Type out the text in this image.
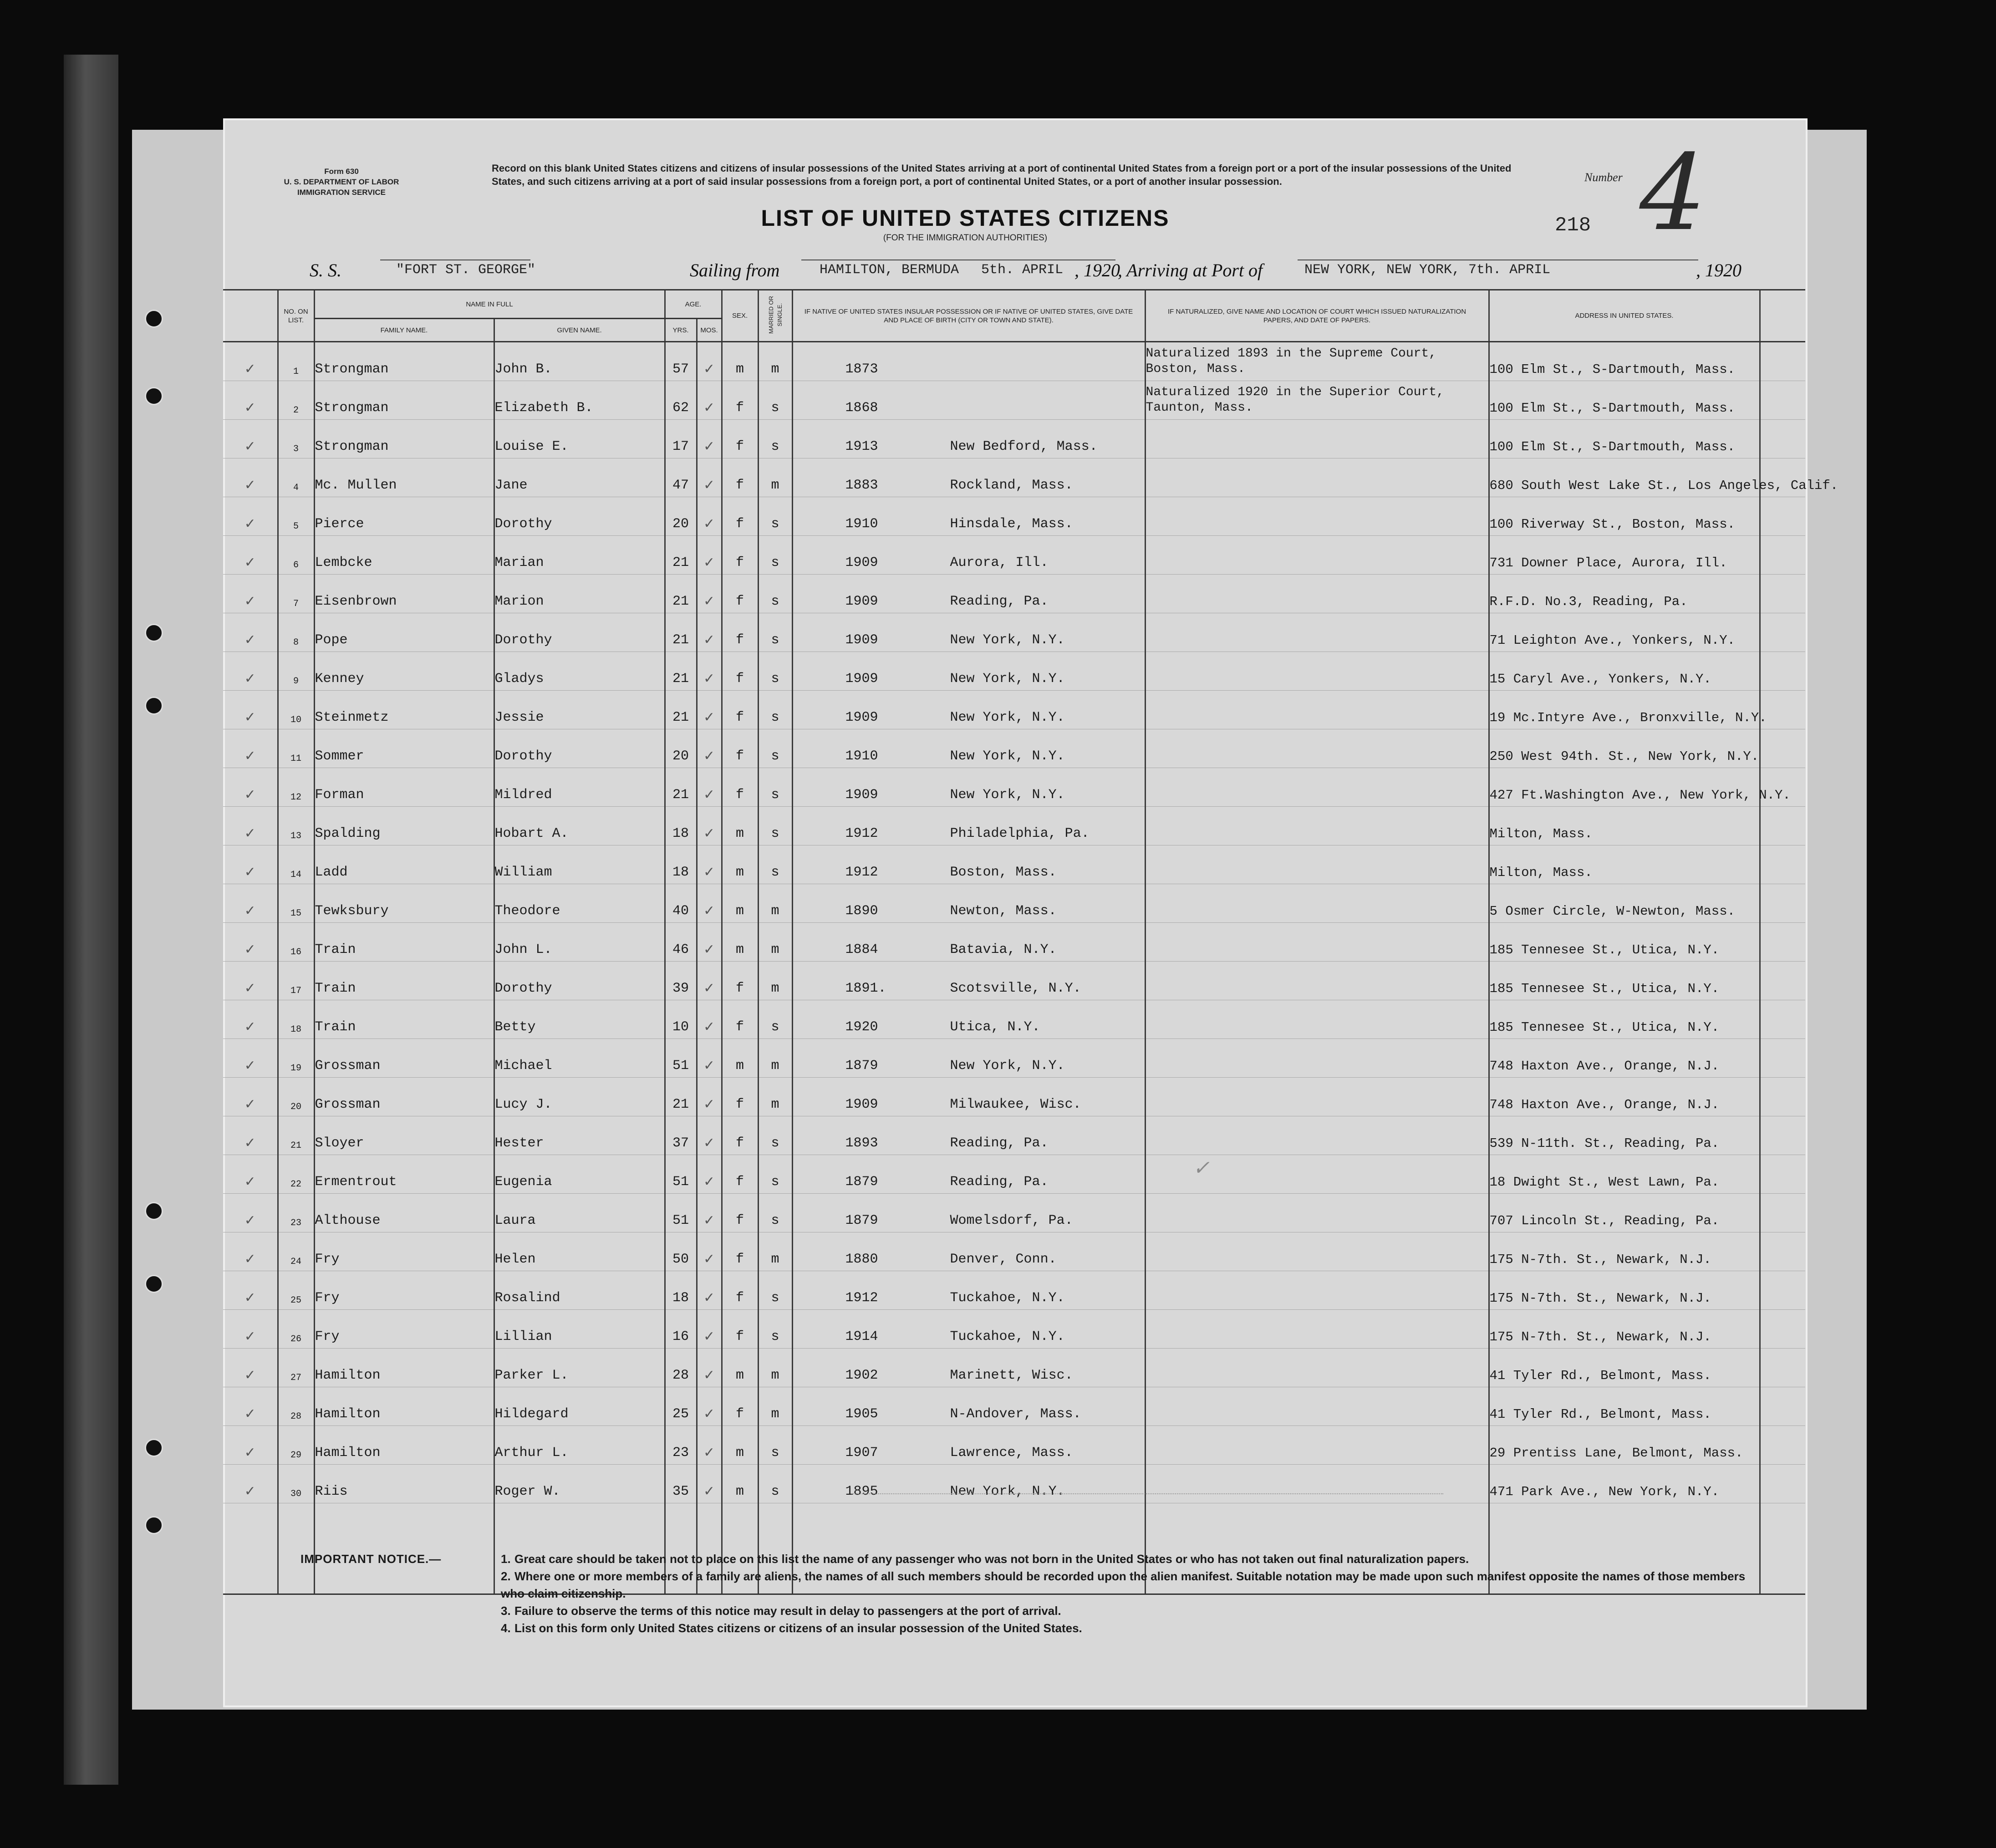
Form 630
U. S. DEPARTMENT OF LABOR
IMMIGRATION SERVICE
Record on this blank United States citizens and citizens of insular possessions of the United States arriving at a port of continental United States from a foreign port or a port of the insular possessions of the United States, and such citizens arriving at a port of said insular possessions from a foreign port, a port of continental United States, or a port of another insular possession.	Number 4
218
LIST OF UNITED STATES CITIZENS
(FOR THE IMMIGRATION AUTHORITIES)
S. S.	"FORT ST. GEORGE"	Sailing from	HAMILTON, BERMUDA 5th. APRIL , 1920
, Arriving at Port of	NEW YORK, NEW YORK, 7th. APRIL	, 1920
	NO. ON LIST.	NAME IN FULL		AGE.		SEX.	MARRIED OR SINGLE.	IF NATIVE OF UNITED STATES INSULAR POSSESSION OR IF NATIVE OF UNITED STATES, GIVE DATE AND PLACE OF BIRTH (CITY OR TOWN AND STATE).	IF NATURALIZED, GIVE NAME AND LOCATION OF COURT WHICH ISSUED NATURALIZATION PAPERS, AND DATE OF PAPERS.	ADDRESS IN UNITED STATES.	
		FAMILY NAME.	GIVEN NAME.	YRS.	MOS.						
✓	1	Strongman	John B.	57	✓	m	m	1873	Naturalized 1893 in the Supreme Court, Boston, Mass.	100 Elm St., S-Dartmouth, Mass.	
✓	2	Strongman	Elizabeth B.	62	✓	f	s	1868	Naturalized 1920 in the Superior Court, Taunton, Mass.	100 Elm St., S-Dartmouth, Mass.	
✓	3	Strongman	Louise E.	17	✓	f	s	1913 New Bedford, Mass.		100 Elm St., S-Dartmouth, Mass.	
✓	4	Mc. Mullen	Jane	47	✓	f	m	1883 Rockland, Mass.		680 South West Lake St., Los Angeles, Calif.	
✓	5	Pierce	Dorothy	20	✓	f	s	1910 Hinsdale, Mass.		100 Riverway St., Boston, Mass.	
✓	6	Lembcke	Marian	21	✓	f	s	1909 Aurora, Ill.		731 Downer Place, Aurora, Ill.	
✓	7	Eisenbrown	Marion	21	✓	f	s	1909 Reading, Pa.		R.F.D. No.3, Reading, Pa.	
✓	8	Pope	Dorothy	21	✓	f	s	1909 New York, N.Y.		71 Leighton Ave., Yonkers, N.Y.	
✓	9	Kenney	Gladys	21	✓	f	s	1909 New York, N.Y.		15 Caryl Ave., Yonkers, N.Y.	
✓	10	Steinmetz	Jessie	21	✓	f	s	1909 New York, N.Y.		19 Mc.Intyre Ave., Bronxville, N.Y.	
✓	11	Sommer	Dorothy	20	✓	f	s	1910 New York, N.Y.		250 West 94th. St., New York, N.Y.	
✓	12	Forman	Mildred	21	✓	f	s	1909 New York, N.Y.		427 Ft.Washington Ave., New York, N.Y.	
✓	13	Spalding	Hobart A.	18	✓	m	s	1912 Philadelphia, Pa.		Milton, Mass.	
✓	14	Ladd	William	18	✓	m	s	1912 Boston, Mass.		Milton, Mass.	
✓	15	Tewksbury	Theodore	40	✓	m	m	1890 Newton, Mass.		5 Osmer Circle, W-Newton, Mass.	
✓	16	Train	John L.	46	✓	m	m	1884 Batavia, N.Y.		185 Tennesee St., Utica, N.Y.	
✓	17	Train	Dorothy	39	✓	f	m	1891. Scotsville, N.Y.		185 Tennesee St., Utica, N.Y.	
✓	18	Train	Betty	10	✓	f	s	1920 Utica, N.Y.		185 Tennesee St., Utica, N.Y.	
✓	19	Grossman	Michael	51	✓	m	m	1879 New York, N.Y.		748 Haxton Ave., Orange, N.J.	
✓	20	Grossman	Lucy J.	21	✓	f	m	1909 Milwaukee, Wisc.		748 Haxton Ave., Orange, N.J.	
✓	21	Sloyer	Hester	37	✓	f	s	1893 Reading, Pa.		539 N-11th. St., Reading, Pa.	
✓	22	Ermentrout	Eugenia	51	✓	f	s	1879 Reading, Pa.		18 Dwight St., West Lawn, Pa.	
✓	23	Althouse	Laura	51	✓	f	s	1879 Womelsdorf, Pa.		707 Lincoln St., Reading, Pa.	
✓	24	Fry	Helen	50	✓	f	m	1880 Denver, Conn.		175 N-7th. St., Newark, N.J.	
✓	25	Fry	Rosalind	18	✓	f	s	1912 Tuckahoe, N.Y.		175 N-7th. St., Newark, N.J.	
✓	26	Fry	Lillian	16	✓	f	s	1914 Tuckahoe, N.Y.		175 N-7th. St., Newark, N.J.	
✓	27	Hamilton	Parker L.	28	✓	m	m	1902 Marinett, Wisc.		41 Tyler Rd., Belmont, Mass.	
✓	28	Hamilton	Hildegard	25	✓	f	m	1905 N-Andover, Mass.		41 Tyler Rd., Belmont, Mass.	
✓	29	Hamilton	Arthur L.	23	✓	m	s	1907 Lawrence, Mass.		29 Prentiss Lane, Belmont, Mass.	
✓	30	Riis	Roger W.	35	✓	m	s	1895 New York, N.Y.		471 Park Ave., New York, N.Y.	

✓
IMPORTANT NOTICE.—	1. Great care should be taken not to place on this list the name of any passenger who was not born in the United States or who has not taken out final naturalization papers.
2. Where one or more members of a family are aliens, the names of all such members should be recorded upon the alien manifest. Suitable notation may be made upon such manifest opposite the names of those members who claim citizenship.
3. Failure to observe the terms of this notice may result in delay to passengers at the port of arrival.
4. List on this form only United States citizens or citizens of an insular possession of the United States.
